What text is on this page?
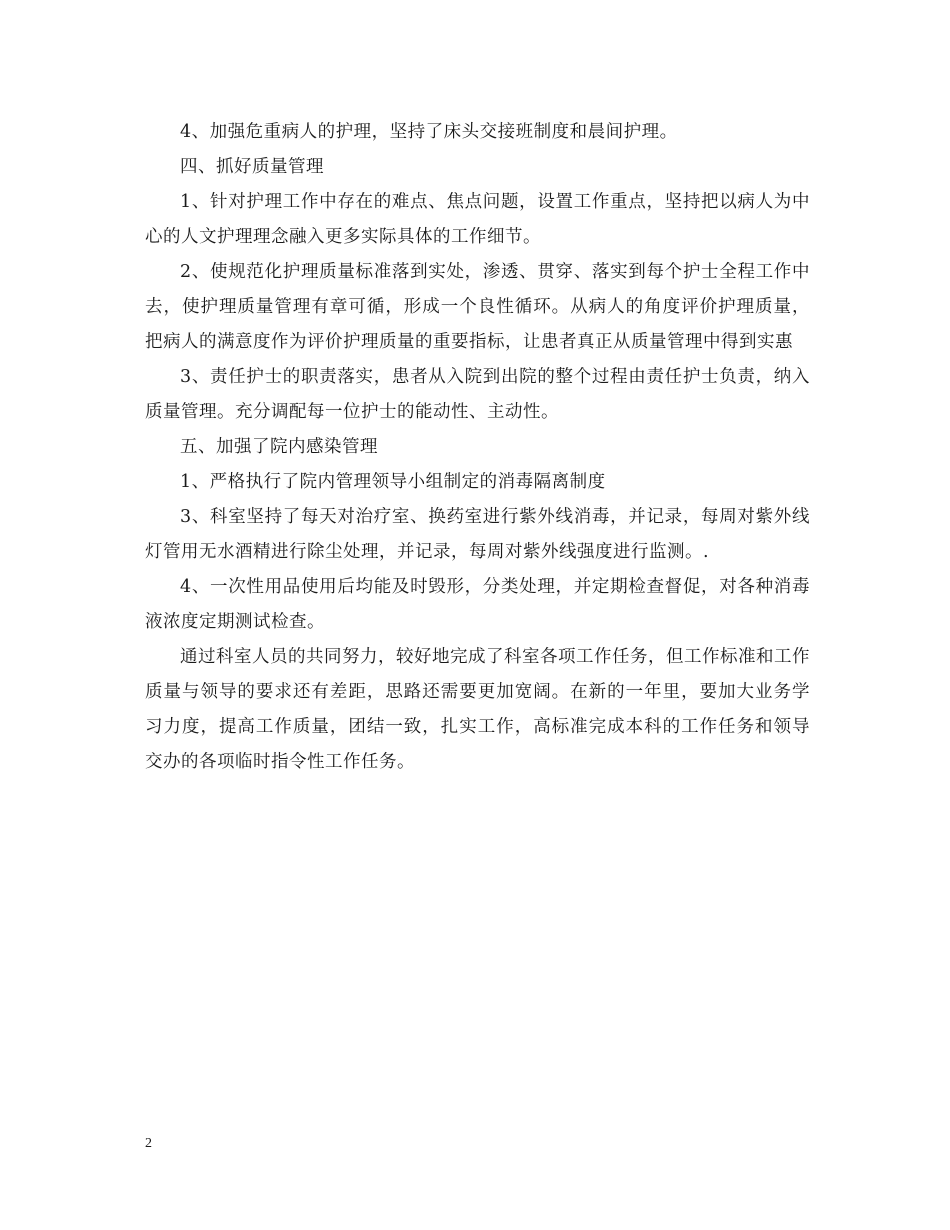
4、加强危重病人的护理，坚持了床头交接班制度和晨间护理。

四、抓好质量管理

1、针对护理工作中存在的难点、焦点问题，设置工作重点，坚持把以病人为中心的人文护理理念融入更多实际具体的工作细节。

2、使规范化护理质量标准落到实处，渗透、贯穿、落实到每个护士全程工作中去，使护理质量管理有章可循，形成一个良性循环。从病人的角度评价护理质量，把病人的满意度作为评价护理质量的重要指标，让患者真正从质量管理中得到实惠

3、责任护士的职责落实，患者从入院到出院的整个过程由责任护士负责，纳入质量管理。充分调配每一位护士的能动性、主动性。

五、加强了院内感染管理

1、严格执行了院内管理领导小组制定的消毒隔离制度

3、科室坚持了每天对治疗室、换药室进行紫外线消毒，并记录，每周对紫外线灯管用无水酒精进行除尘处理，并记录，每周对紫外线强度进行监测。.

4、一次性用品使用后均能及时毁形，分类处理，并定期检查督促，对各种消毒液浓度定期测试检查。

通过科室人员的共同努力，较好地完成了科室各项工作任务，但工作标准和工作质量与领导的要求还有差距，思路还需要更加宽阔。在新的一年里，要加大业务学习力度，提高工作质量，团结一致，扎实工作，高标准完成本科的工作任务和领导交办的各项临时指令性工作任务。

2
